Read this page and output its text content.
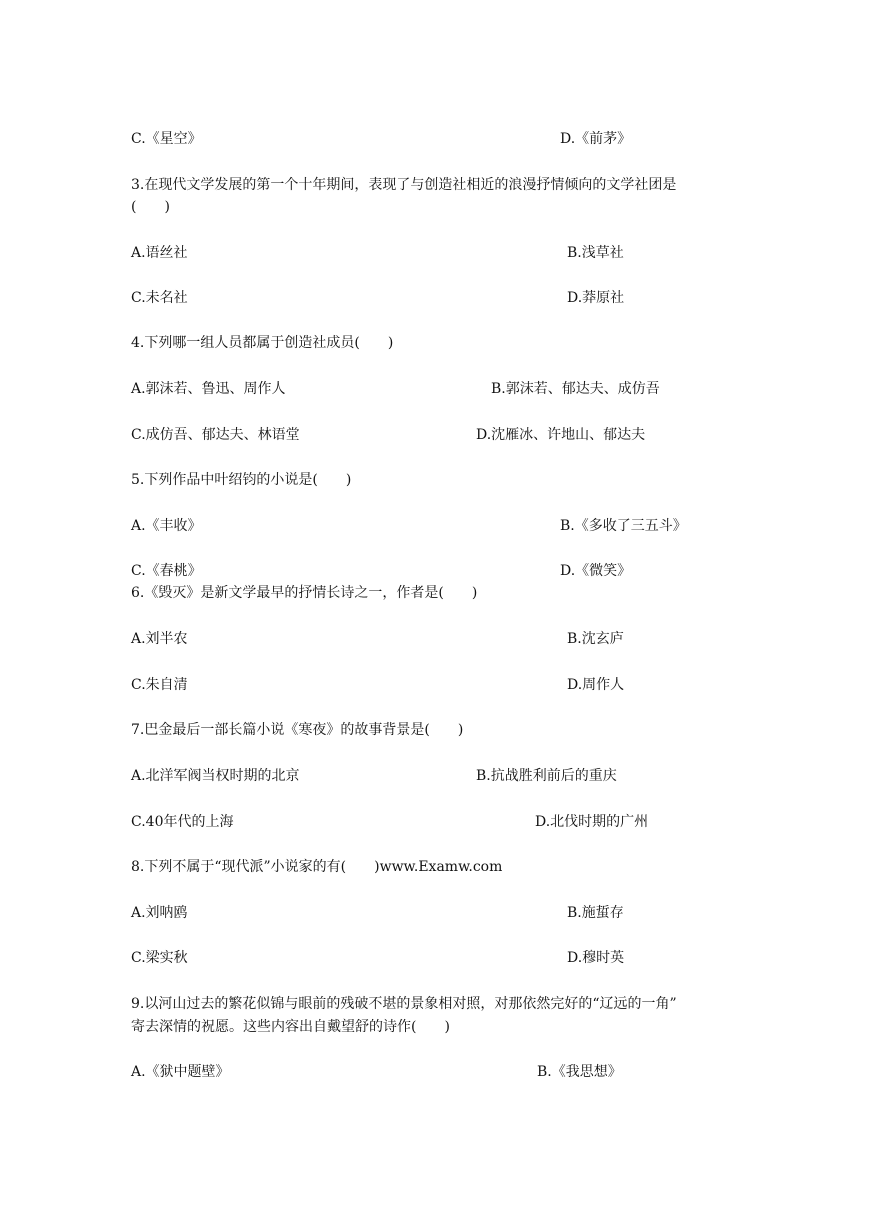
C.《星空》	D.《前茅》
3.在现代文学发展的第一个十年期间，表现了与创造社相近的浪漫抒情倾向的文学社团是
(　　)
A.语丝社	B.浅草社
C.未名社	D.莽原社
4.下列哪一组人员都属于创造社成员(　　)
A.郭沫若、鲁迅、周作人	B.郭沫若、郁达夫、成仿吾
C.成仿吾、郁达夫、林语堂	D.沈雁冰、许地山、郁达夫
5.下列作品中叶绍钧的小说是(　　)
A.《丰收》	B.《多收了三五斗》
C.《春桃》	D.《微笑》
6.《毁灭》是新文学最早的抒情长诗之一，作者是(　　)
A.刘半农	B.沈玄庐
C.朱自清	D.周作人
7.巴金最后一部长篇小说《寒夜》的故事背景是(　　)
A.北洋军阀当权时期的北京	B.抗战胜利前后的重庆
C.40年代的上海	D.北伐时期的广州
8.下列不属于“现代派”小说家的有(　　)www.Examw.com
A.刘呐鸥	B.施蜇存
C.梁实秋	D.穆时英
9.以河山过去的繁花似锦与眼前的残破不堪的景象相对照，对那依然完好的“辽远的一角”
寄去深情的祝愿。这些内容出自戴望舒的诗作(　　)
A.《狱中题壁》	B.《我思想》
